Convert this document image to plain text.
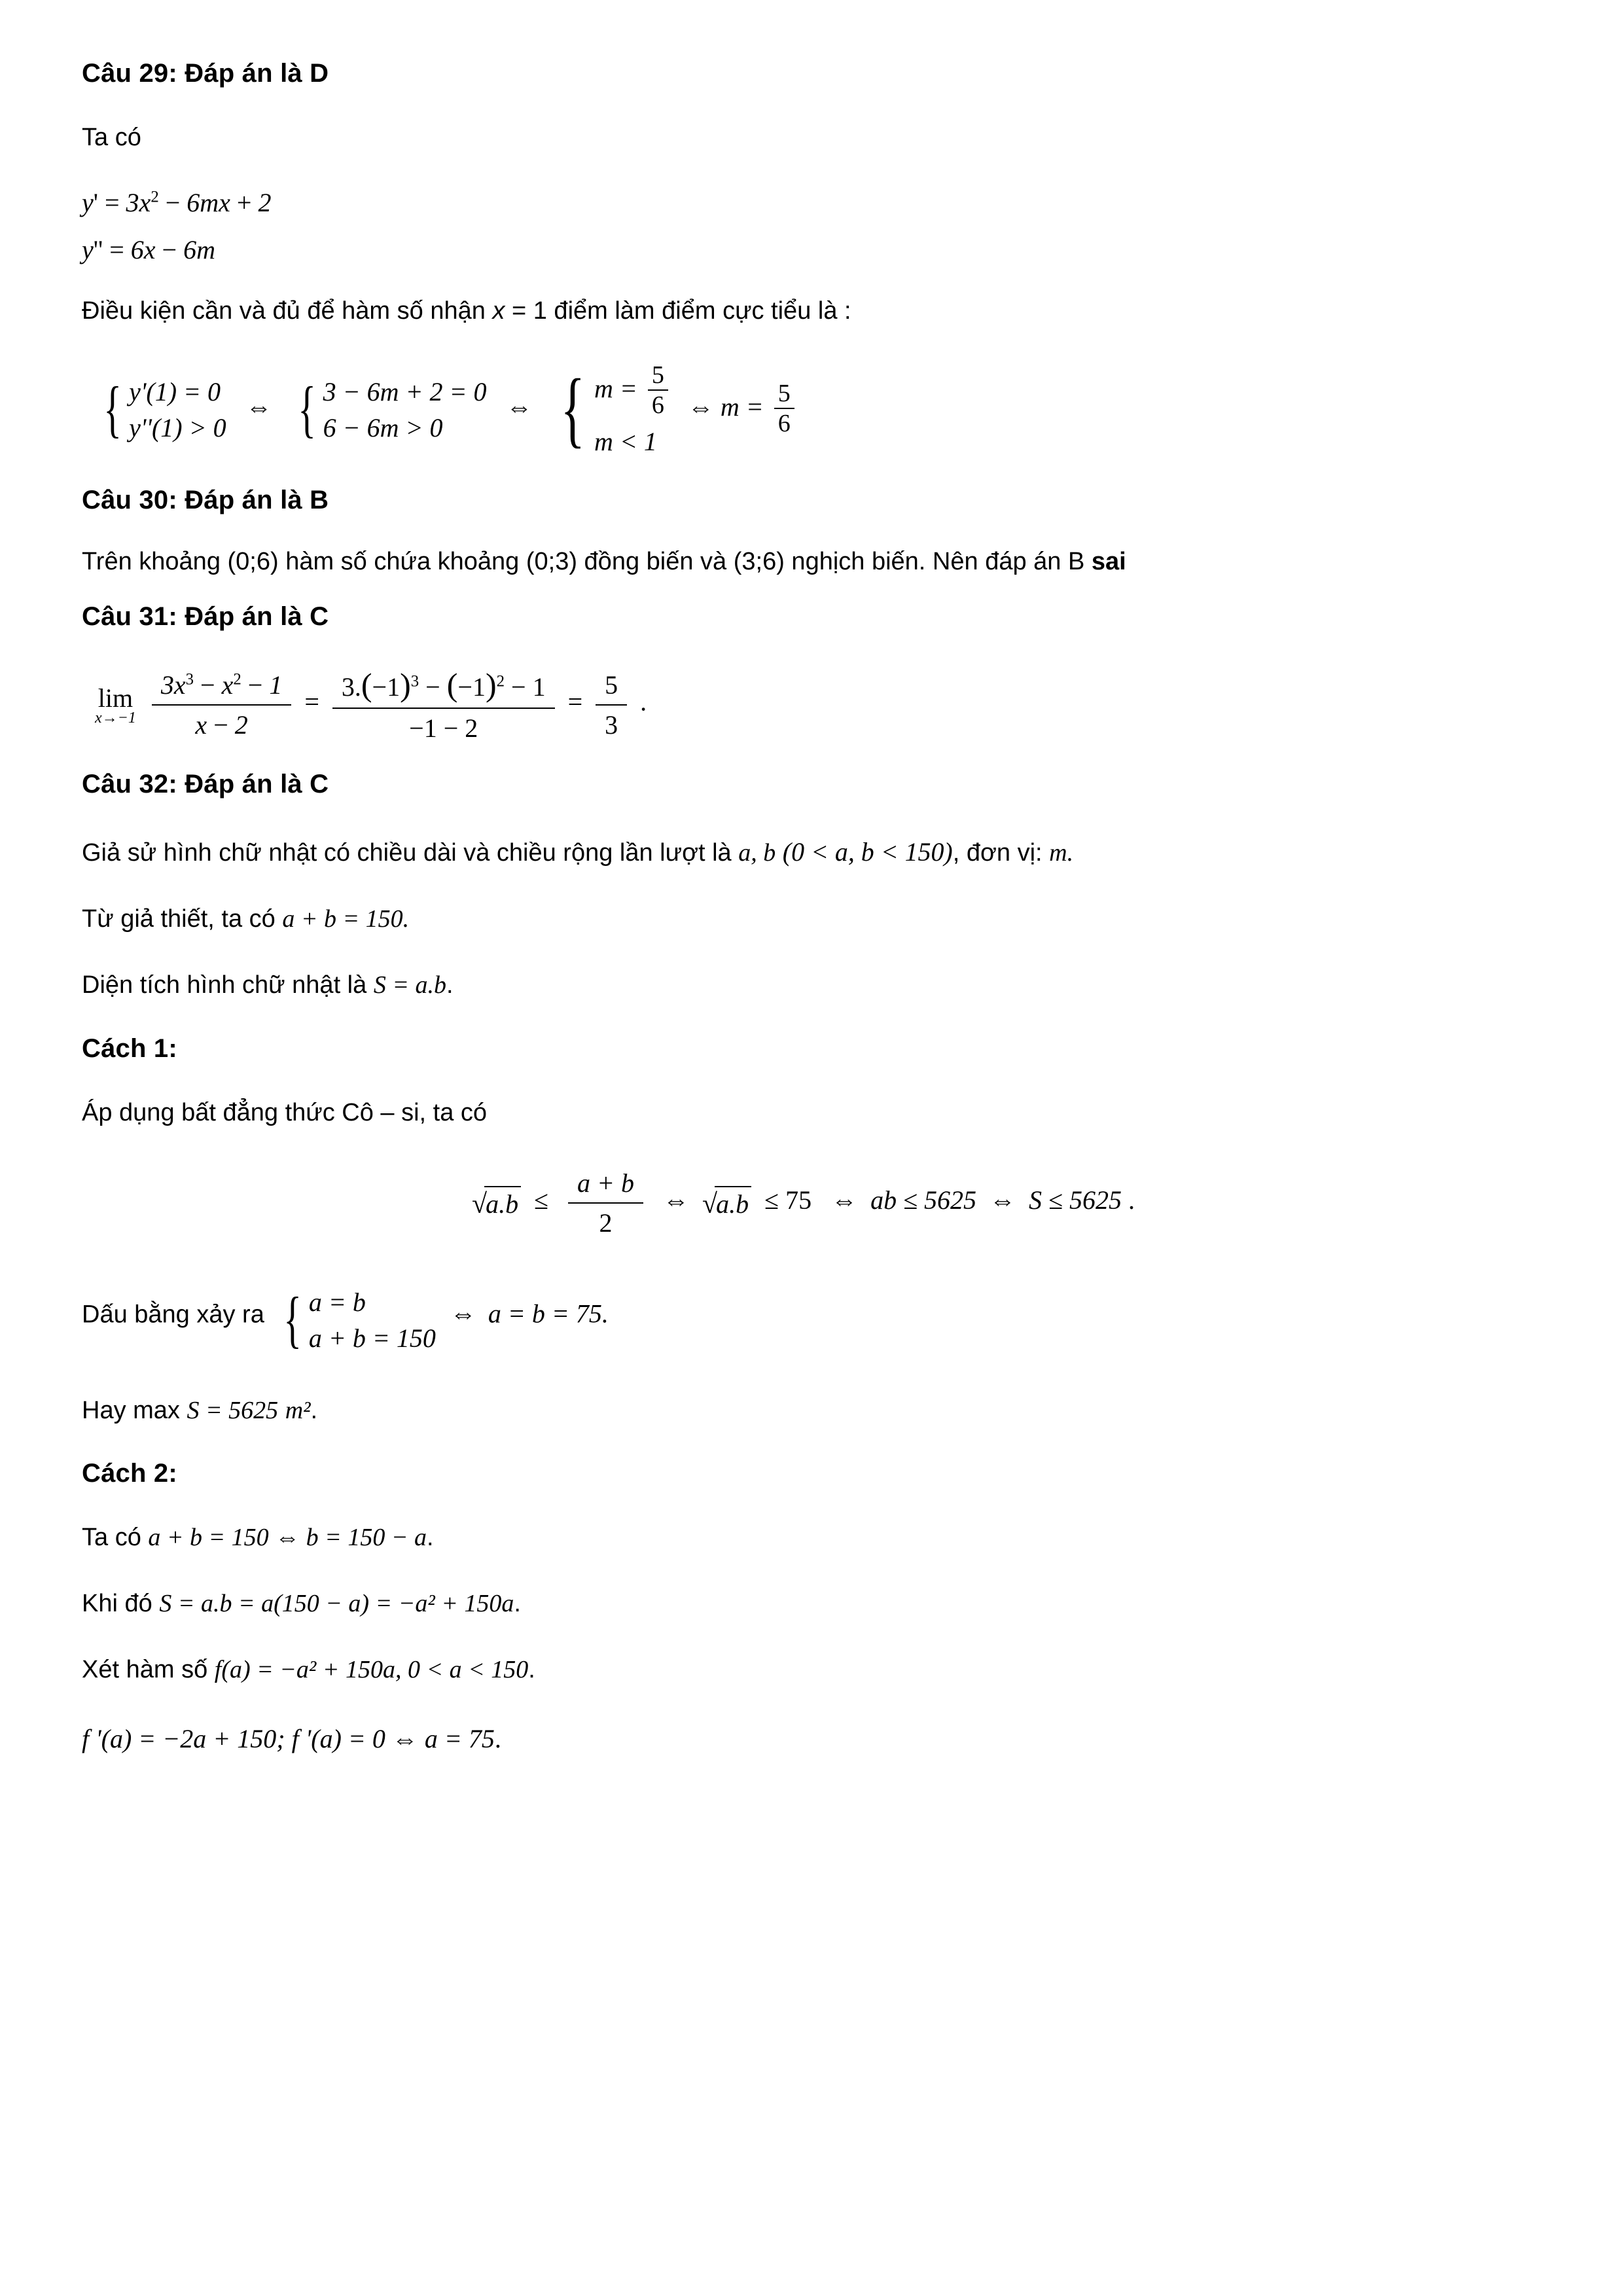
Câu 29: Đáp án là D
Ta có
$y' = 3x^2 - 6mx + 2$
y'' = 6x − 6m
Điều kiện cần và đủ để hàm số nhận x = 1 điểm làm điểm cực tiểu là :
{ y'(1) = 0
y''(1) > 0
⇔ { 3 − 6m + 2 = 0
6 − 6m > 0
⇔ { $m = \frac{5}{6}$
m < 1
⇔ $m = \frac{5}{6}$
Câu 30: Đáp án là B
Trên khoảng (0;6) hàm số chứa khoảng (0;3) đồng biến và (3;6) nghịch biến. Nên đáp án B sai
Câu 31: Đáp án là C
lim
x→−1
$\frac{3x^3 - x^2 - 1}{x - 2} = \frac{3.(-1)^3 - (-1)^2 - 1}{-1 - 2} = \frac{5}{3}$ .
Câu 32: Đáp án là C
Giả sử hình chữ nhật có chiều dài và chiều rộng lần lượt là a, b (0 < a, b < 150), đơn vị: m.
Từ giả thiết, ta có a + b = 150.
Diện tích hình chữ nhật là S = a.b.
Cách 1:
Áp dụng bất đẳng thức Cô – si, ta có
$√a.b \le \frac{a + b}{2}$ ⇔ √a.b ≤ 75 ⇔ ab ≤ 5625 ⇔ S ≤ 5625 .
Dấu bằng xảy ra { a = b
a + b = 150
⇔ a = b = 75.
Hay max S = 5625 m².
Cách 2:
Ta có a + b = 150 ⇔ b = 150 − a.
Khi đó S = a.b = a(150 − a) = −a² + 150a.
Xét hàm số f(a) = −a² + 150a, 0 < a < 150.
f '(a) = −2a + 150; f '(a) = 0 ⇔ a = 75.
